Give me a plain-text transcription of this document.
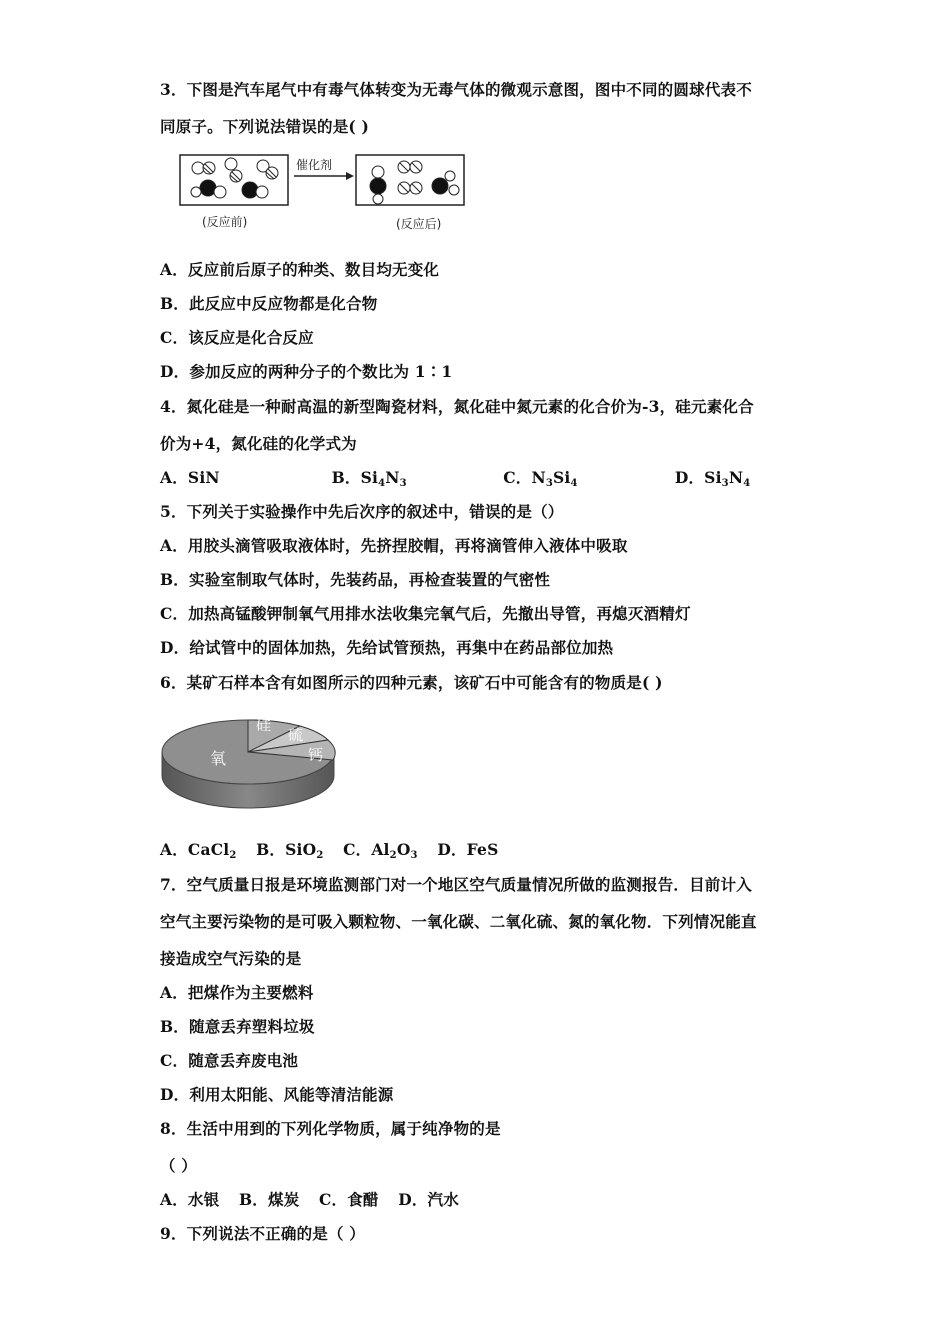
3．下图是汽车尾气中有毒气体转变为无毒气体的微观示意图，图中不同的圆球代表不
同原子。下列说法错误的是( )
催化剂
(反应前)	(反应后)
A．反应前后原子的种类、数目均无变化
B．此反应中反应物都是化合物
C．该反应是化合反应
D．参加反应的两种分子的个数比为 1∶1
4．氮化硅是一种耐高温的新型陶瓷材料，氮化硅中氮元素的化合价为-3，硅元素化合
价为+4，氮化硅的化学式为
A．SiN	B．$Si_4N_3$	C．$N_3Si_4$	D．$Si_3N_4$
5．下列关于实验操作中先后次序的叙述中，错误的是（）
A．用胶头滴管吸取液体时，先挤捏胶帽，再将滴管伸入液体中吸取
B．实验室制取气体时，先装药品，再检查装置的气密性
C．加热高锰酸钾制氧气用排水法收集完氧气后，先撤出导管，再熄灭酒精灯
D．给试管中的固体加热，先给试管预热，再集中在药品部位加热
6．某矿石样本含有如图所示的四种元素，该矿石中可能含有的物质是( )
氧
硅
硫
钙
A．CaCl$_2$ B．SiO$_2$ C．$Al_2O_3$ D．FeS
7．空气质量日报是环境监测部门对一个地区空气质量情况所做的监测报告．目前计入
空气主要污染物的是可吸入颗粒物、一氧化碳、二氧化硫、氮的氧化物．下列情况能直
接造成空气污染的是
A．把煤作为主要燃料
B．随意丢弃塑料垃圾
C．随意丢弃废电池
D．利用太阳能、风能等清洁能源
8．生活中用到的下列化学物质，属于纯净物的是
（ ）
A．水银 B．煤炭 C．食醋 D．汽水
9．下列说法不正确的是（ ）
